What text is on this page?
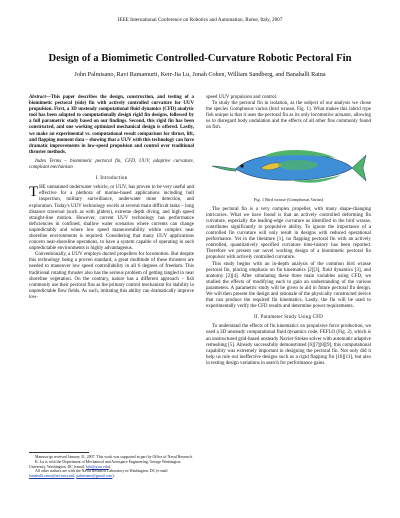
IEEE International Conference on Robotics and Automation, Rome, Italy, 2007
Design of a Biomimetic Controlled-Curvature Robotic Pectoral Fin
John Palmisano, Ravi Ramamurti, Kerr-Jia Lu, Jonah Cohen, William Sandberg, and Banahalli Ratna

Abstract—This paper describes the design, construction, and testing of a biomimetic pectoral (side) fin with actively controlled curvature for UUV propulsion. First, a 3D unsteady computational fluid dynamics (CFD) analytic tool has been adapted to computationally design rigid fin designs, followed by a full parametric study based on our findings. Second, this rigid fin has been constructed, and one working optimized mechanical design is offered. Lastly, we make an experimental vs. computational result comparison for thrust, lift, and flapping moment data – showing that a UUV with this technology can have dramatic improvements in low-speed propulsion and control over traditional thruster methods.

Index Terms – biomimetic pectoral fin, CFD, UUV, adaptive curvature, compliant mechanism

I. Introduction

THE unmanned underwater vehicle, or UUV, has proven to be very useful and effective for a plethora of marine-based applications including hull inspection, military surveillance, underwater mine detection, and exploration. Today's UUV technology excels at several main difficult tasks – long distance traversal (such as with gliders), extreme depth diving, and high speed straight-line motion. However, current UUV technology has performance deficiencies in confined, shallow water scenarios where currents can change unpredictably and where low speed maneuverability within complex near shoreline environments is required. Considering that many UUV applications concern near-shoreline operations, to have a system capable of operating in such unpredictable environments is highly advantageous.

Conventionally, a UUV employs ducted propellers for locomotion. But despite this technology being a proven standard, a great multitude of these thrusters are needed to maneuver low speed controllability in all 6 degrees of freedom. This traditional rotating thruster also has the serious problem of getting tangled in near shoreline vegetation. On the contrary, nature has a different approach – fish commonly use their pectoral fins as the primary control mechanism for stability in unpredictable flow fields. As such, imitating this ability can dramatically improve low-

Manuscript received January 31, 2007. This work was supported in part by Office of Naval Research.
K. Lu is with the Department of Mechanical and Aerospace Engineering, George Washington University, Washington, DC (email: kjlu@gwu.edu).
All other authors are with the Naval Research Laboratory in Washington, DC (e-mail: banahalli.ratna@nrl.navy.mil, palmisano@gmail.com).

speed UUV propulsion and control.

To study the pectoral fin in isolation, as the subject of our analysis we chose the species Gomphosus varius (bird wrasse, Fig. 1). What makes this labrid type fish unique is that it uses the pectoral fin as its only locomotive actuator, allowing us to disregard body undulation and the effects of all other fins commonly found on fish.

Fig. 1 Bird wrasse (Gomphosus Varius)

The pectoral fin is a very complex propeller, with many shape-changing intricacies. What we have found is that an actively controlled deforming fin curvature, especially the leading-edge curvature as identified in the bird wrasse, contributes significantly to propulsive ability. To ignore the importance of a controlled fin curvature will only result in designs with reduced operational performance. Yet in the literature [1], no flapping pectoral fin with an actively controlled, quantitatively specified curvature time-history has been reported. Therefore we present our novel working design of a biomimetic pectoral fin propulsor with actively controlled curvature.

This study begins with an in-depth analysis of the common bird wrasse pectoral fin, placing emphasis on fin kinematics [2][3], fluid dynamics [3], and anatomy [2][4]. After simulating these three main variables using CFD, we studied the effects of modifying each to gain an understanding of the various parameters. A parametric study will be given to aid in future pectoral fin design. We will then present the design and rationale of the physically constructed device that can produce the required fin kinematics. Lastly, the fin will be used to experimentally verify the CFD results and determine power requirements.

II. Parameter Study Using CFD

To understand the effects of fin kinematics on propulsive force production, we used a 3D unsteady computational fluid dynamics code, FEFLO (Fig. 2), which is an unstructured grid-based unsteady Navier-Stokes solver with automatic adaptive remeshing [5]. Already successfully demonstrated [6][7][8][9], this computational capability was extremely important in designing the pectoral fin. Not only did it help us rule out ineffective designs such as a rigid flapping fin [10][11], but also in testing design variations in search for performance gains.
